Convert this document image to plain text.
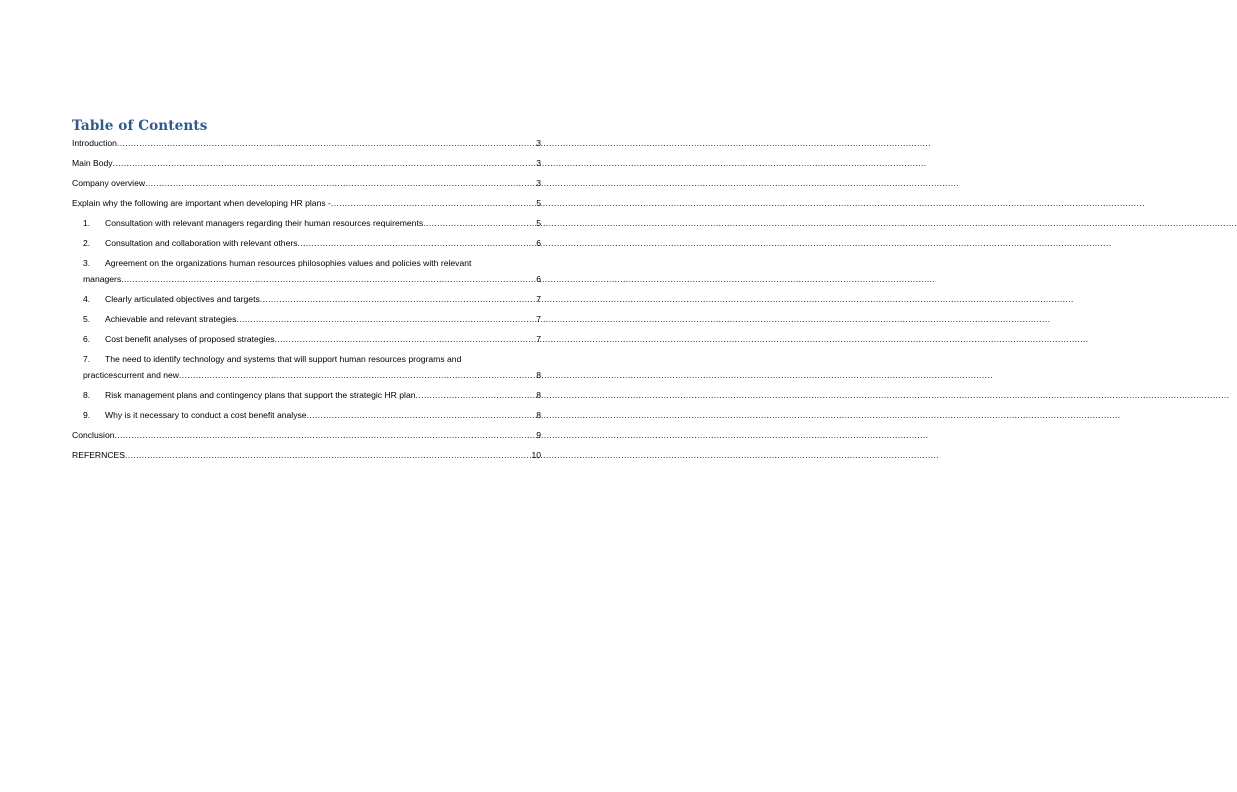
Table of Contents
Introduction .....	3
Main Body .....	3
Company overview .....	3
Explain why the following are important when developing HR plans - .....	5
1.	Consultation with relevant managers regarding their human resources requirements .....	5
2.	Consultation and collaboration with relevant others .....	6
3. Agreement on the organizations human resources philosophies values and policies with relevant
managers .....	6
4.	Clearly articulated objectives and targets .....	7
5.	Achievable and relevant strategies .....	7
6.	Cost benefit analyses of proposed strategies .....	7
7. The need to identify technology and systems that will support human resources programs and
practicescurrent and new .....	8
8.	Risk management plans and contingency plans that support the strategic HR plan .....	8
9.	Why is it necessary to conduct a cost benefit analyse .....	8
Conclusion .....	9
REFERNCES .....	10
